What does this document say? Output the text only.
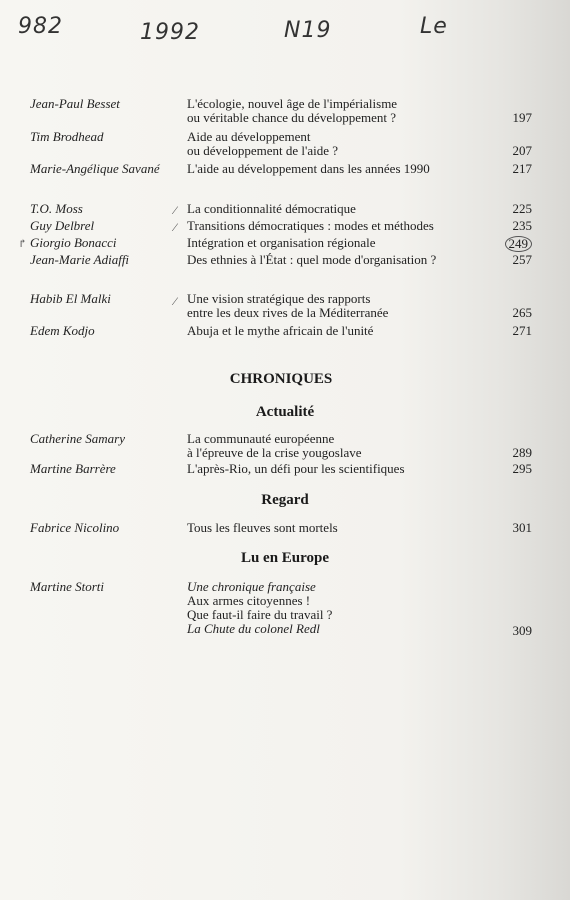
982	1992	N19	Le
Jean-Paul Besset	L'écologie, nouvel âge de l'impérialisme
ou véritable chance du développement ?	197
Tim Brodhead	Aide au développement
ou développement de l'aide ?	207
Marie-Angélique Savané L'aide au développement dans les années 1990	217
⁄
T.O. Moss	La conditionnalité démocratique	225
⁄
Guy Delbrel	Transitions démocratiques : modes et méthodes	235
↱ Giorgio Bonacci	Intégration et organisation régionale	249
Jean-Marie Adiaffi	Des ethnies à l'État : quel mode d'organisation ?	257
⁄
Habib El Malki	Une vision stratégique des rapports
entre les deux rives de la Méditerranée	265
Edem Kodjo	Abuja et le mythe africain de l'unité	271
CHRONIQUES
Actualité
Catherine Samary	La communauté européenne
à l'épreuve de la crise yougoslave	289
Martine Barrère	L'après-Rio, un défi pour les scientifiques	295
Regard
Fabrice Nicolino	Tous les fleuves sont mortels	301
Lu en Europe
Martine Storti	Une chronique française
Aux armes citoyennes !
Que faut-il faire du travail ?
La Chute du colonel Redl	309
